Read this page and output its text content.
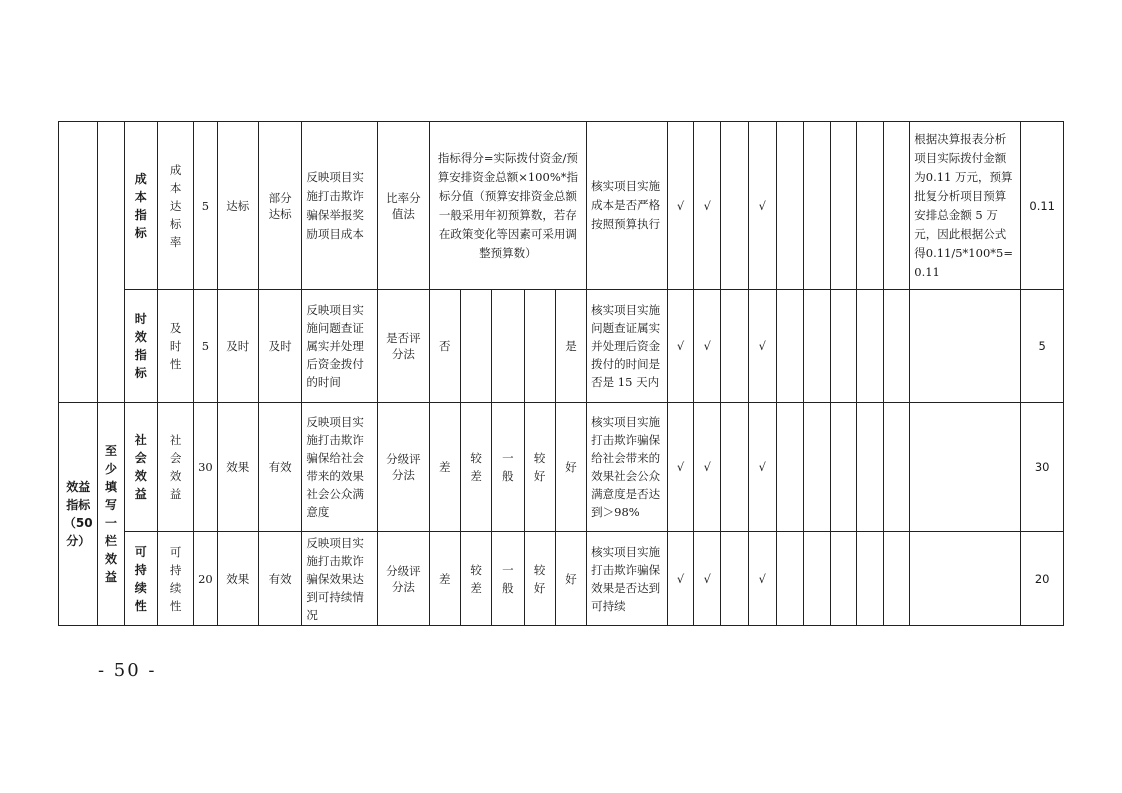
		成本指标	成本达标率	5	达标	部分达标	反映项目实施打击欺诈骗保举报奖励项目成本	比率分值法	指标得分=实际拨付资金/预算安排资金总额×100%*指标分值（预算安排资金总额一般采用年初预算数，若存在政策变化等因素可采用调整预算数）					核实项目实施成本是否严格按照预算执行	√	√		√						根据决算报表分析项目实际拨付金额为0.11 万元，预算批复分析项目预算安排总金额 5 万元，因此根据公式得0.11/5*100*5=0.11	0.11
		时效指标	及时性	5	及时	及时	反映项目实施问题查证属实并处理后资金拨付的时间	是否评分法	否				是	核实项目实施问题查证属实并处理后资金拨付的时间是否是 15 天内	√	√		√							5

效益指标（50分）	至少填写一栏效益	社会效益	社会效益	30	效果	有效	反映项目实施打击欺诈骗保给社会带来的效果社会公众满意度	分级评分法	差	较差	一般	较好	好	核实项目实施打击欺诈骗保给社会带来的效果社会公众满意度是否达到＞98%	√	√		√							30
		可持续性	可持续性	20	效果	有效	反映项目实施打击欺诈骗保效果达到可持续情况	分级评分法	差	较差	一般	较好	好	核实项目实施打击欺诈骗保效果是否达到可持续	√	√		√							20
- 50 -
